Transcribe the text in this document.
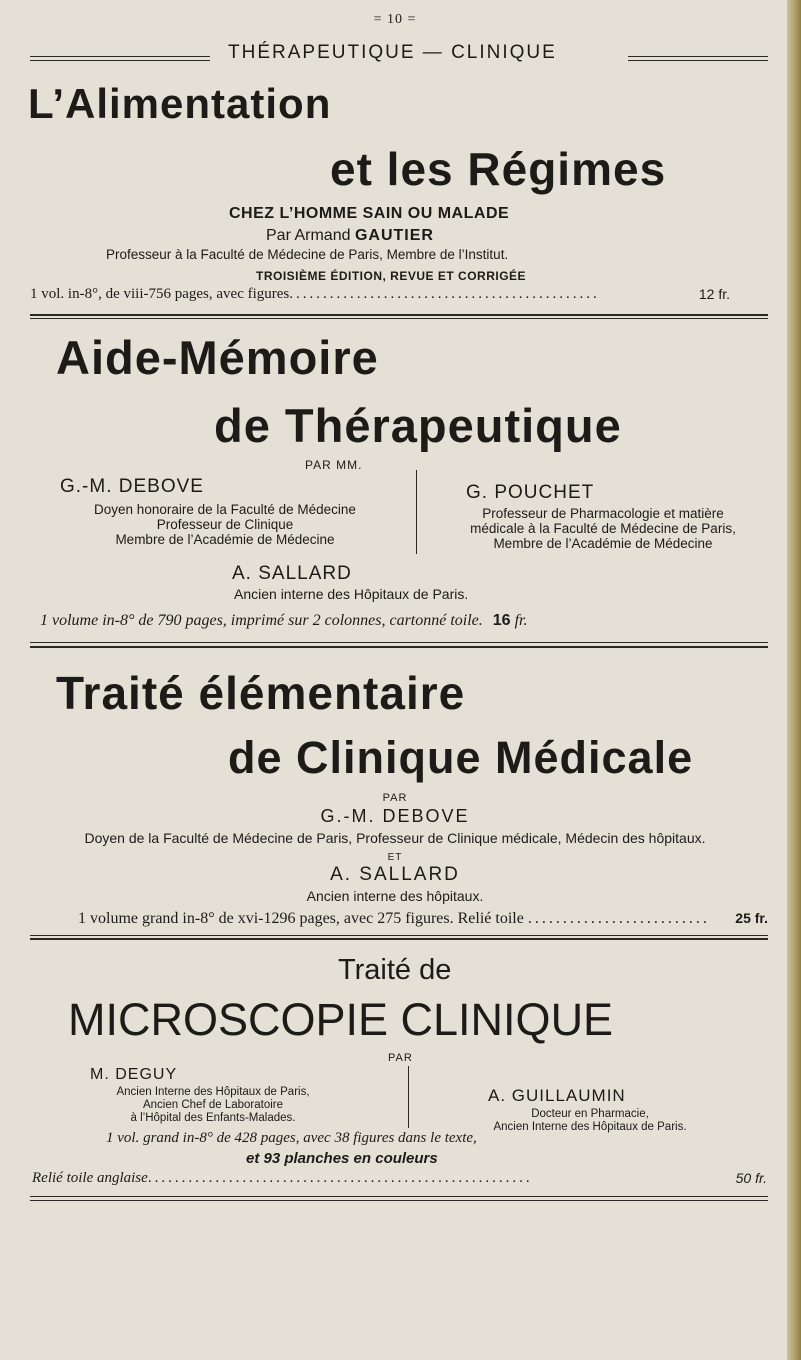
= 10 =
THÉRAPEUTIQUE — CLINIQUE
L’Alimentation
et les Régimes
CHEZ L’HOMME SAIN OU MALADE
Par Armand GAUTIER
Professeur à la Faculté de Médecine de Paris, Membre de l’Institut.
TROISIÈME ÉDITION, REVUE ET CORRIGÉE
1 vol. in-8°, de viii-756 pages, avec figures ..............................................	12 fr.
Aide-Mémoire
de Thérapeutique
PAR MM.
G.-M. DEBOVE
Doyen honoraire de la Faculté de Médecine
Professeur de Clinique
Membre de l’Académie de Médecine
G. POUCHET
Professeur de Pharmacologie et matière
médicale à la Faculté de Médecine de Paris,
Membre de l’Académie de Médecine
A. SALLARD
Ancien interne des Hôpitaux de Paris.
1 volume in-8° de 790 pages, imprimé sur 2 colonnes, cartonné toile. 16 fr.
Traité élémentaire
de Clinique Médicale
PAR
G.-M. DEBOVE
Doyen de la Faculté de Médecine de Paris, Professeur de Clinique médicale, Médecin des hôpitaux.
ET
A. SALLARD
Ancien interne des hôpitaux.
1 volume grand in-8° de xvi-1296 pages, avec 275 figures. Relié toile ..........................	25 fr.
Traité de
MICROSCOPIE CLINIQUE
PAR
M. DEGUY
Ancien Interne des Hôpitaux de Paris,
Ancien Chef de Laboratoire
à l’Hôpital des Enfants-Malades.
A. GUILLAUMIN
Docteur en Pharmacie,
Ancien Interne des Hôpitaux de Paris.
1 vol. grand in-8° de 428 pages, avec 38 figures dans le texte,
et 93 planches en couleurs
Relié toile anglaise .........................................................	50 fr.
